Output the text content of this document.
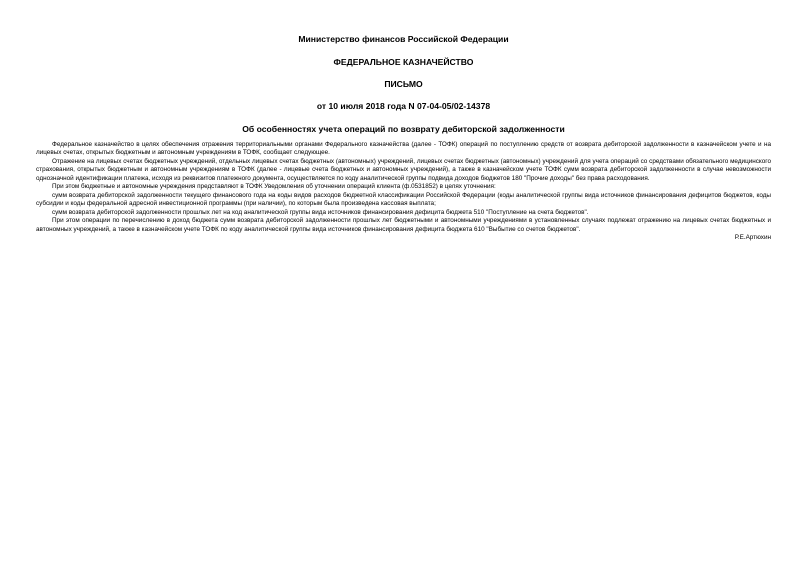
Министерство финансов Российской Федерации
ФЕДЕРАЛЬНОЕ КАЗНАЧЕЙСТВО
ПИСЬМО
от 10 июля 2018 года N 07-04-05/02-14378
Об особенностях учета операций по возврату дебиторской задолженности

Федеральное казначейство в целях обеспечения отражения территориальными органами Федерального казначейства (далее - ТОФК) операций по поступлению средств от возврата дебиторской задолженности в казначейском учете и на лицевых счетах, открытых бюджетным и автономным учреждениям в ТОФК, сообщает следующее.

Отражение на лицевых счетах бюджетных учреждений, отдельных лицевых счетах бюджетных (автономных) учреждений, лицевых счетах бюджетных (автономных) учреждений для учета операций со средствами обязательного медицинского страхования, открытых бюджетным и автономным учреждениям в ТОФК (далее - лицевые счета бюджетных и автономных учреждений), а также в казначейском учете ТОФК сумм возврата дебиторской задолженности в случае невозможности однозначной идентификации платежа, исходя из реквизитов платежного документа, осуществляется по коду аналитической группы подвида доходов бюджетов 180 "Прочие доходы" без права расходования.

При этом бюджетные и автономные учреждения представляют в ТОФК Уведомления об уточнении операций клиента (ф.0531852) в целях уточнения:

сумм возврата дебиторской задолженности текущего финансового года на коды видов расходов бюджетной классификации Российской Федерации (коды аналитической группы вида источников финансирования дефицитов бюджетов, коды субсидии и коды федеральной адресной инвестиционной программы (при наличии), по которым была произведена кассовая выплата;

сумм возврата дебиторской задолженности прошлых лет на код аналитической группы вида источников финансирования дефицита бюджета 510 "Поступление на счета бюджетов".

При этом операции по перечислению в доход бюджета сумм возврата дебиторской задолженности прошлых лет бюджетными и автономными учреждениями в установленных случаях подлежат отражению на лицевых счетах бюджетных и автономных учреждений, а также в казначейском учете ТОФК по коду аналитической группы вида источников финансирования дефицита бюджета 610 "Выбытие со счетов бюджетов".

Р.Е.Артюхин
